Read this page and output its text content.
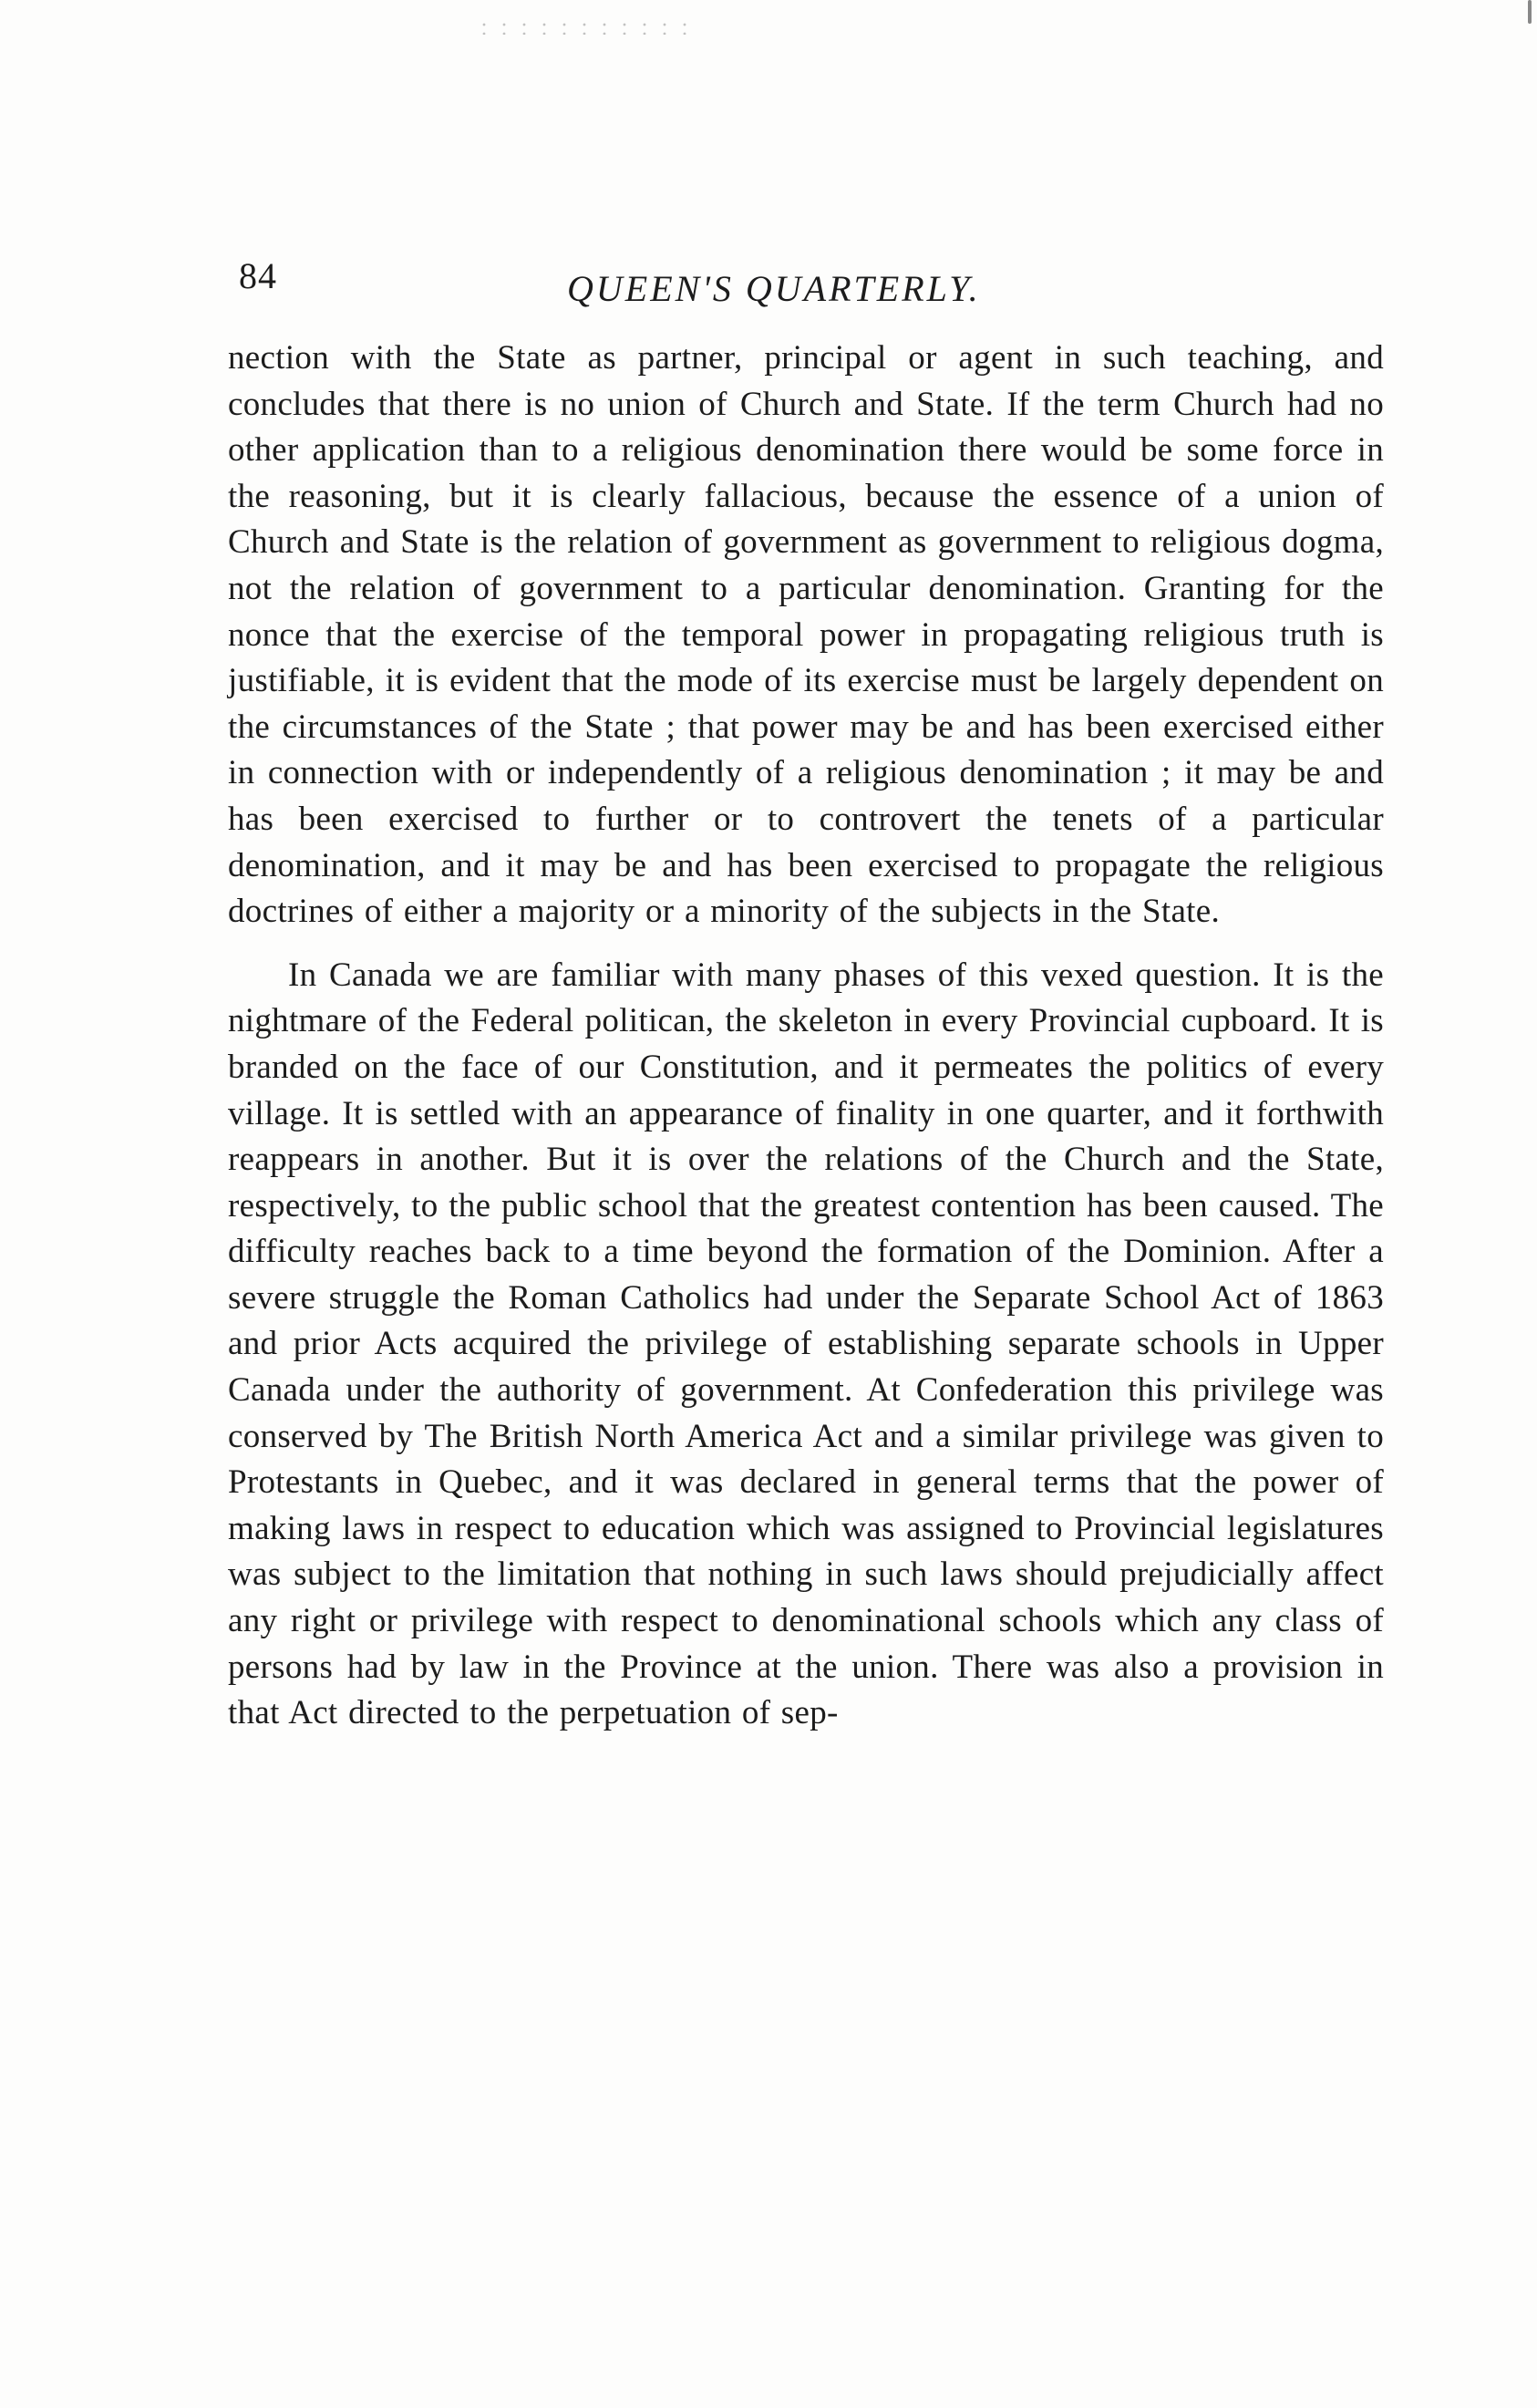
84	QUEEN'S QUARTERLY.

nection with the State as partner, principal or agent in such teaching, and concludes that there is no union of Church and State. If the term Church had no other application than to a religious denomination there would be some force in the reasoning, but it is clearly fallacious, because the essence of a union of Church and State is the relation of government as government to religious dogma, not the relation of government to a particular denomination. Granting for the nonce that the exercise of the temporal power in propagating religious truth is justifiable, it is evident that the mode of its exercise must be largely dependent on the circumstances of the State ; that power may be and has been exercised either in connection with or independently of a religious denomination ; it may be and has been exercised to further or to controvert the tenets of a particular denomination, and it may be and has been exercised to propagate the religious doctrines of either a majority or a minority of the subjects in the State.

In Canada we are familiar with many phases of this vexed question. It is the nightmare of the Federal politican, the skeleton in every Provincial cupboard. It is branded on the face of our Constitution, and it permeates the politics of every village. It is settled with an appearance of finality in one quarter, and it forthwith reappears in another. But it is over the relations of the Church and the State, respectively, to the public school that the greatest contention has been caused. The difficulty reaches back to a time beyond the formation of the Dominion. After a severe struggle the Roman Catholics had under the Separate School Act of 1863 and prior Acts acquired the privilege of establishing separate schools in Upper Canada under the authority of government. At Confederation this privilege was conserved by The British North America Act and a similar privilege was given to Protestants in Quebec, and it was declared in general terms that the power of making laws in respect to education which was assigned to Provincial legislatures was subject to the limitation that nothing in such laws should prejudicially affect any right or privilege with respect to denominational schools which any class of persons had by law in the Province at the union. There was also a provision in that Act directed to the perpetuation of sep-
